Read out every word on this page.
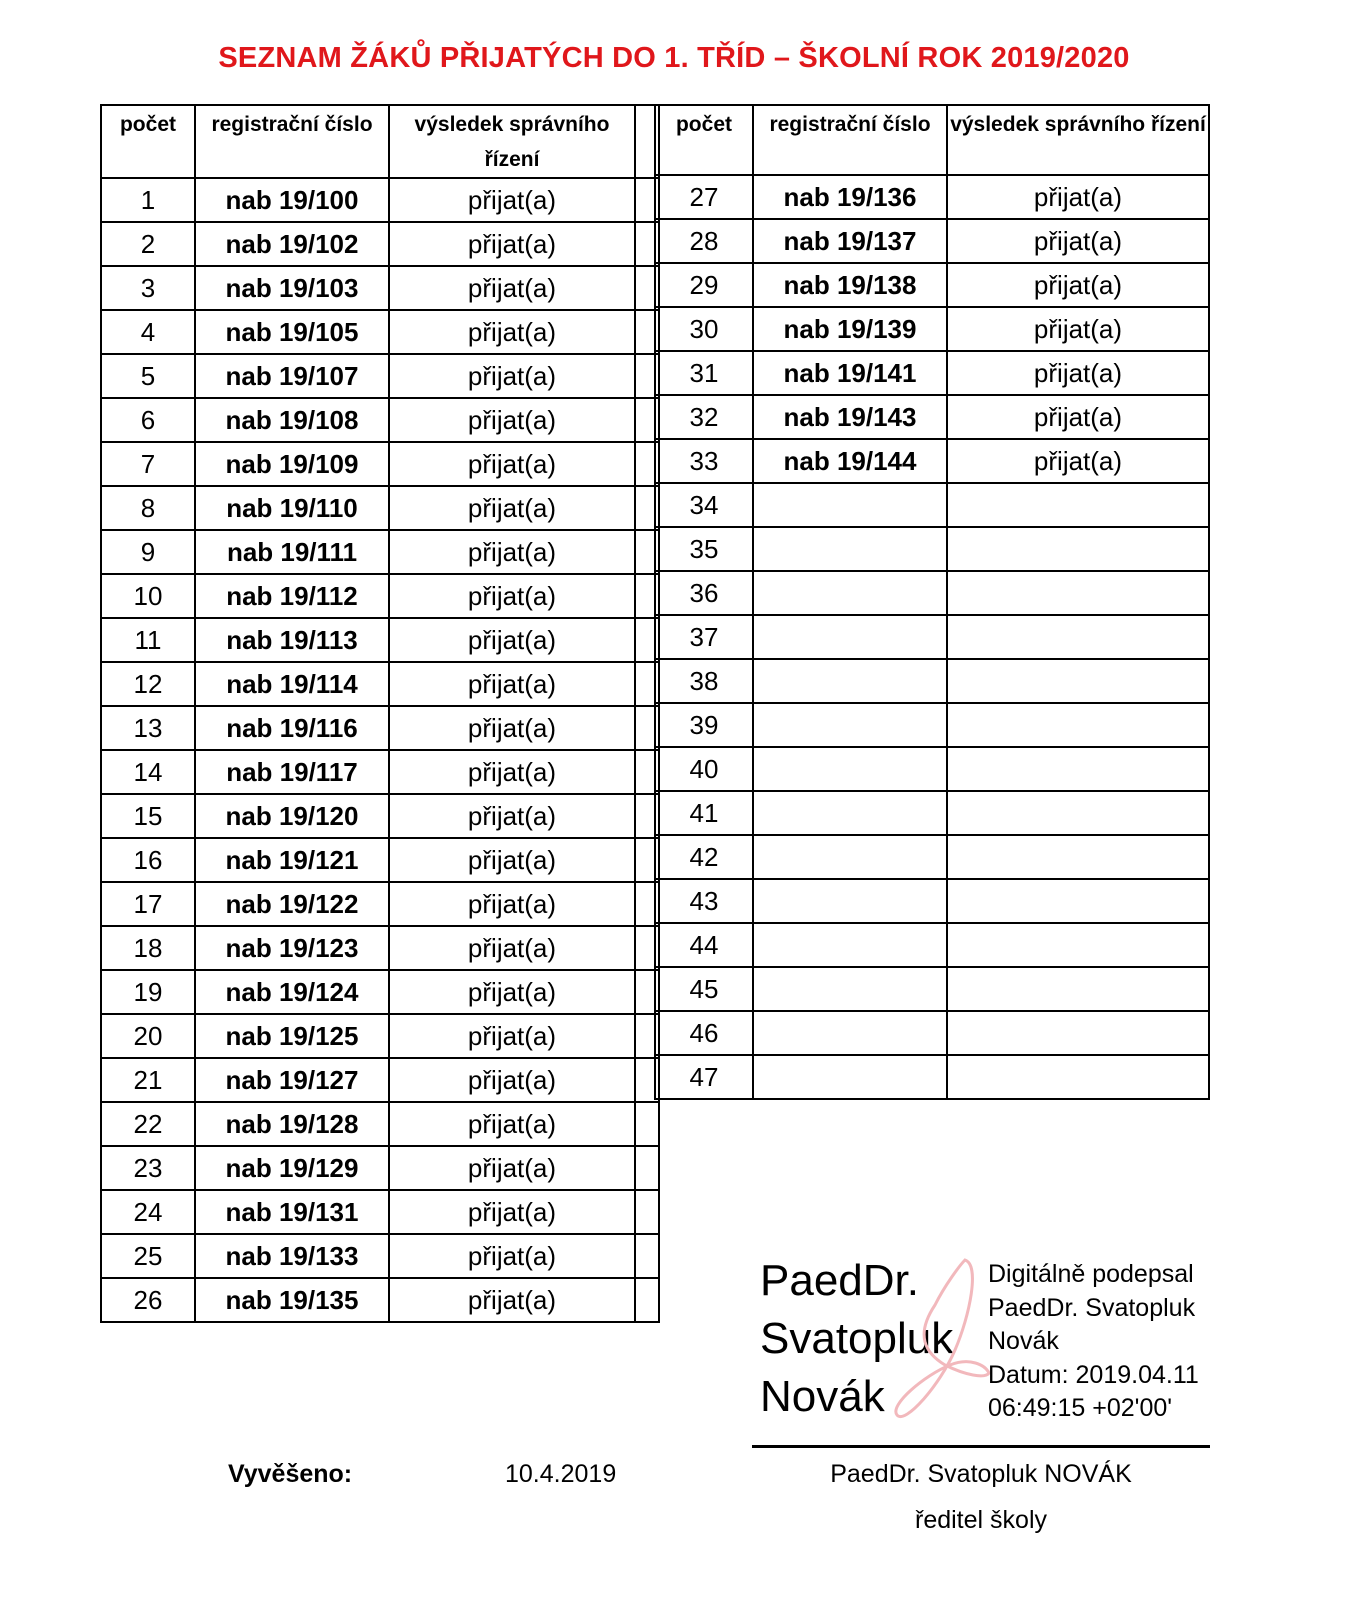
SEZNAM ŽÁKŮ PŘIJATÝCH DO 1. TŘÍD – ŠKOLNÍ ROK 2019/2020
počet	registrační číslo	výsledek správního řízení	
1	nab 19/100	přijat(a)	
2	nab 19/102	přijat(a)	
3	nab 19/103	přijat(a)	
4	nab 19/105	přijat(a)	
5	nab 19/107	přijat(a)	
6	nab 19/108	přijat(a)	
7	nab 19/109	přijat(a)	
8	nab 19/110	přijat(a)	
9	nab 19/111	přijat(a)	
10	nab 19/112	přijat(a)	
11	nab 19/113	přijat(a)	
12	nab 19/114	přijat(a)	
13	nab 19/116	přijat(a)	
14	nab 19/117	přijat(a)	
15	nab 19/120	přijat(a)	
16	nab 19/121	přijat(a)	
17	nab 19/122	přijat(a)	
18	nab 19/123	přijat(a)	
19	nab 19/124	přijat(a)	
20	nab 19/125	přijat(a)	
21	nab 19/127	přijat(a)	
22	nab 19/128	přijat(a)	
23	nab 19/129	přijat(a)	
24	nab 19/131	přijat(a)	
25	nab 19/133	přijat(a)	
26	nab 19/135	přijat(a)	
počet	registrační číslo	výsledek správního řízení
27	nab 19/136	přijat(a)
28	nab 19/137	přijat(a)
29	nab 19/138	přijat(a)
30	nab 19/139	přijat(a)
31	nab 19/141	přijat(a)
32	nab 19/143	přijat(a)
33	nab 19/144	přijat(a)
34		
35		
36		
37		
38		
39		
40		
41		
42		
43		
44		
45		
46		
47		
PaedDr.
Svatopluk
Novák
Digitálně podepsal
PaedDr. Svatopluk
Novák
Datum: 2019.04.11
06:49:15 +02'00'
Vyvěšeno:	10.4.2019	PaedDr. Svatopluk NOVÁK
ředitel školy
